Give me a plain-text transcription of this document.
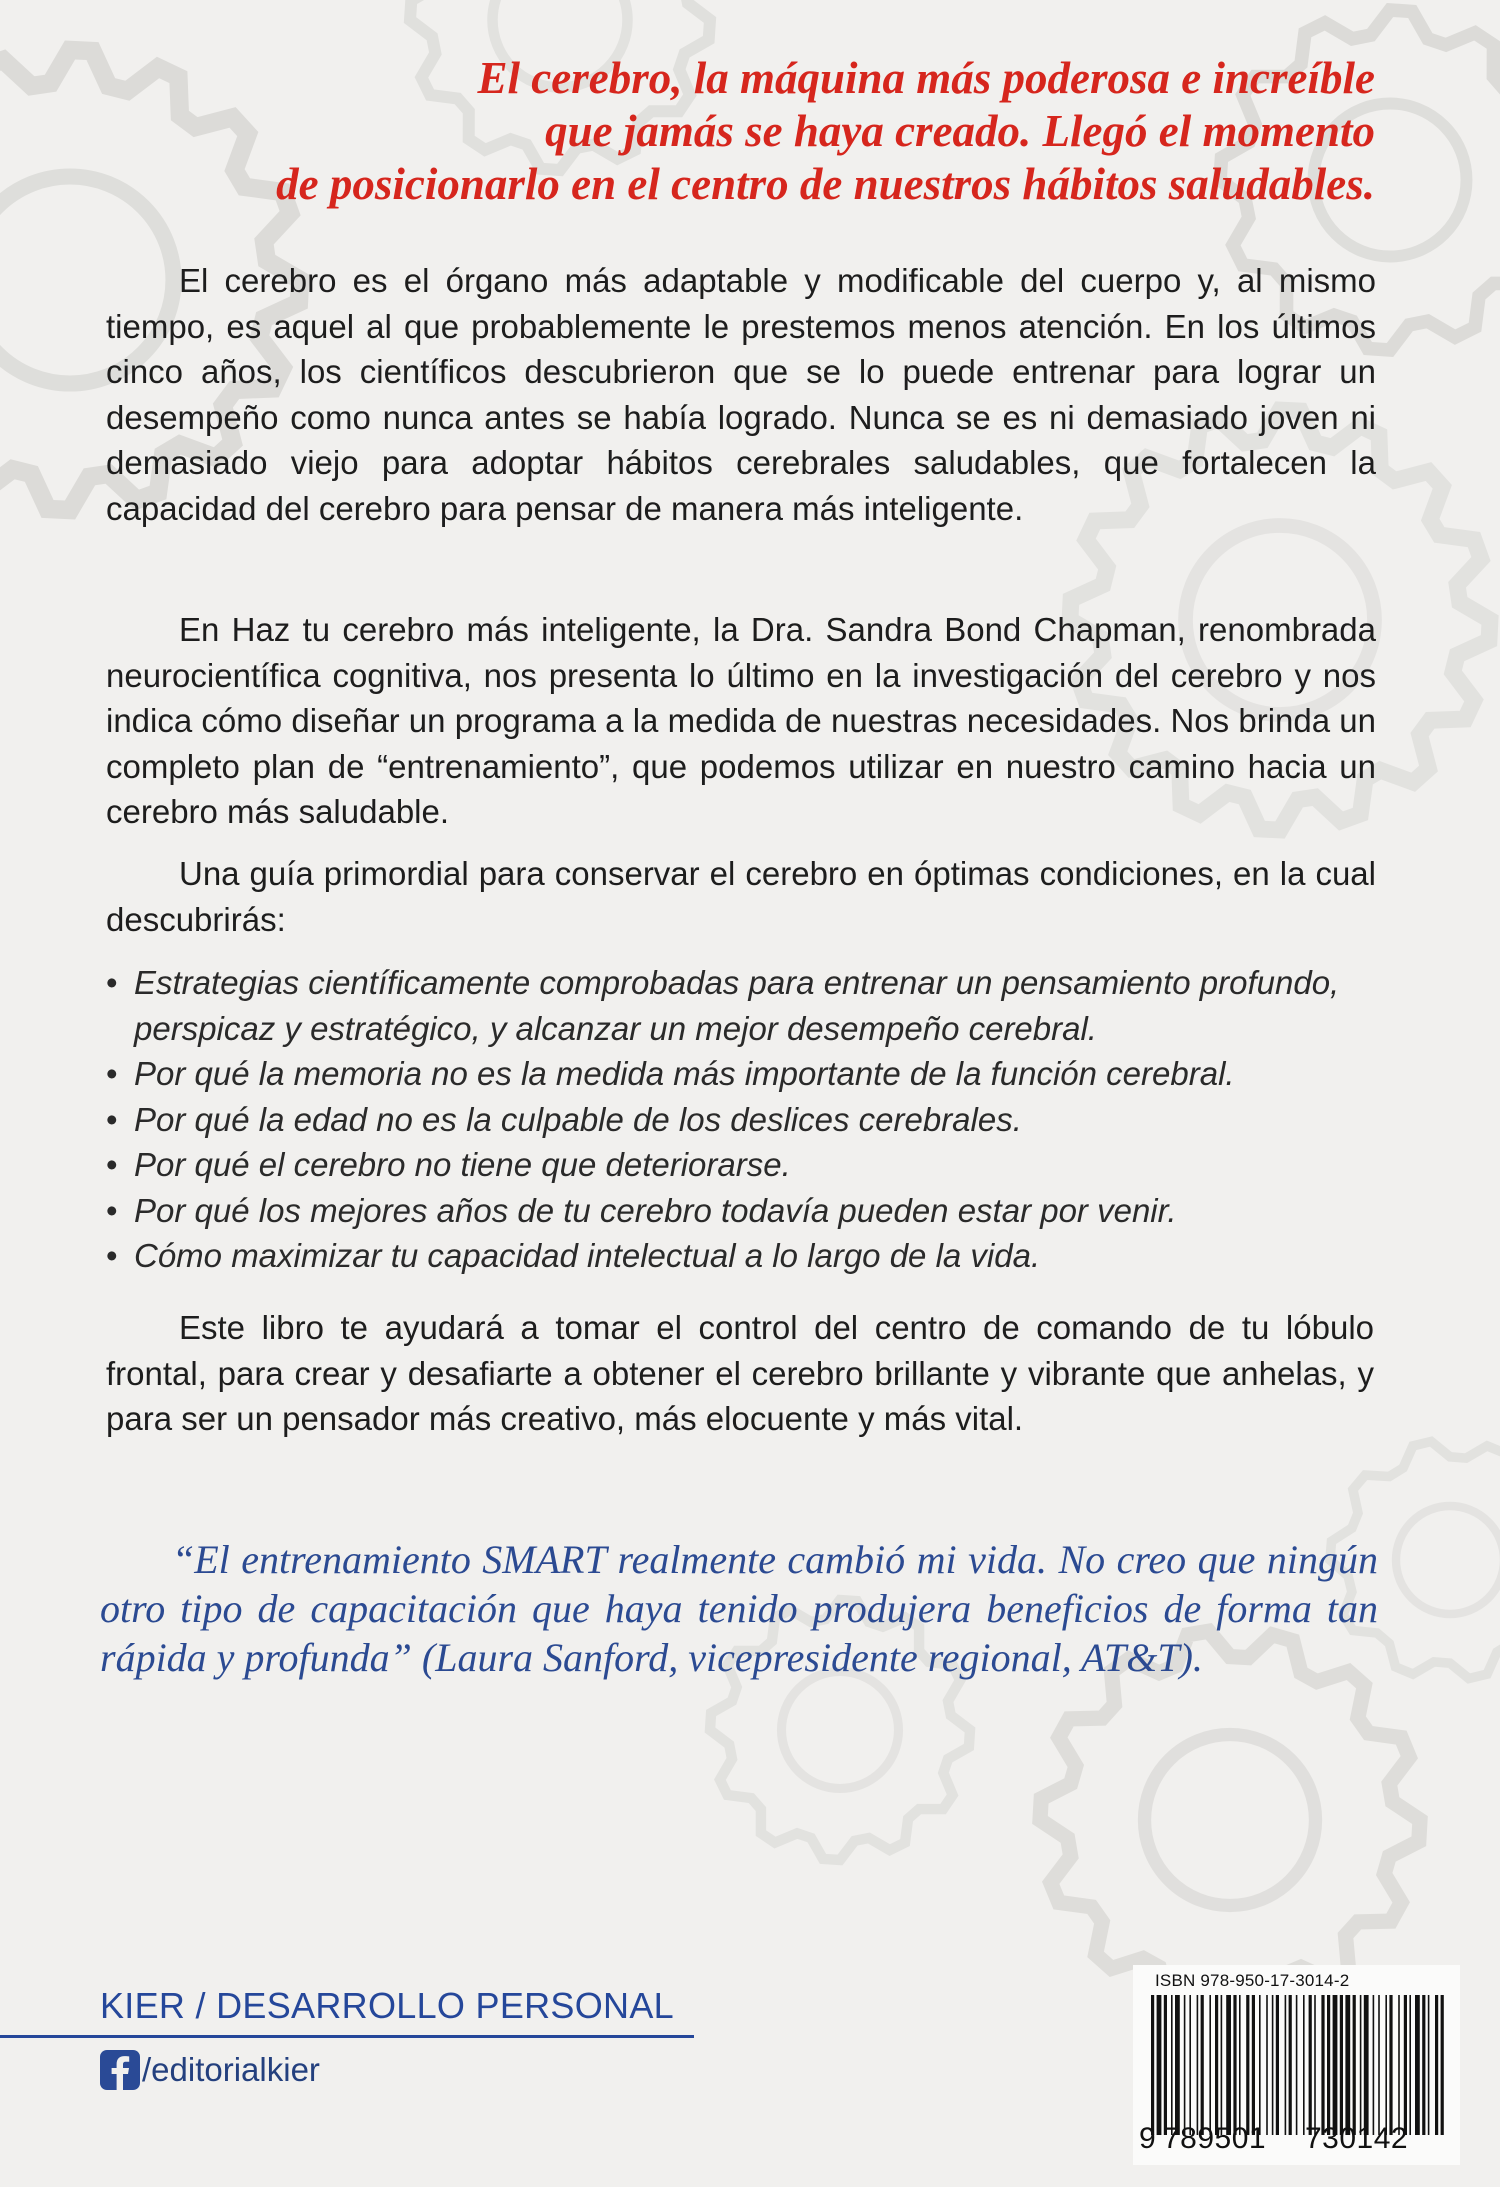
El cerebro, la máquina más poderosa e increíble
que jamás se haya creado. Llegó el momento
de posicionarlo en el centro de nuestros hábitos saludables.

El cerebro es el órgano más adaptable y modificable del cuerpo y, al mismo tiempo, es aquel al que probablemente le prestemos menos atención. En los últimos cinco años, los científicos descubrieron que se lo puede entrenar para lograr un desempeño como nunca antes se había logrado. Nunca se es ni demasiado joven ni demasiado viejo para adoptar hábitos cerebrales saludables, que fortalecen la capacidad del cerebro para pensar de manera más inteligente.

En Haz tu cerebro más inteligente, la Dra. Sandra Bond Chapman, renombrada neurocientífica cognitiva, nos presenta lo último en la investigación del cerebro y nos indica cómo diseñar un programa a la medida de nuestras necesidades. Nos brinda un completo plan de “entrenamiento”, que podemos utilizar en nuestro camino hacia un cerebro más saludable.

Una guía primordial para conservar el cerebro en óptimas condiciones, en la cual descubrirás:

• Estrategias científicamente comprobadas para entrenar un pensamiento profundo, perspicaz y estratégico, y alcanzar un mejor desempeño cerebral.
• Por qué la memoria no es la medida más importante de la función cerebral.
• Por qué la edad no es la culpable de los deslices cerebrales.
• Por qué el cerebro no tiene que deteriorarse.
• Por qué los mejores años de tu cerebro todavía pueden estar por venir.
• Cómo maximizar tu capacidad intelectual a lo largo de la vida.

Este libro te ayudará a tomar el control del centro de comando de tu lóbulo frontal, para crear y desafiarte a obtener el cerebro brillante y vibrante que anhelas, y para ser un pensador más creativo, más elocuente y más vital.

“El entrenamiento SMART realmente cambió mi vida. No creo que ningún otro tipo de capacitación que haya tenido produjera beneficios de forma tan rápida y profunda” (Laura Sanford, vicepresidente regional, AT&T).

KIER / DESARROLLO PERSONAL
/editorialkier
ISBN 978-950-17-3014-2
9 789501 730142
